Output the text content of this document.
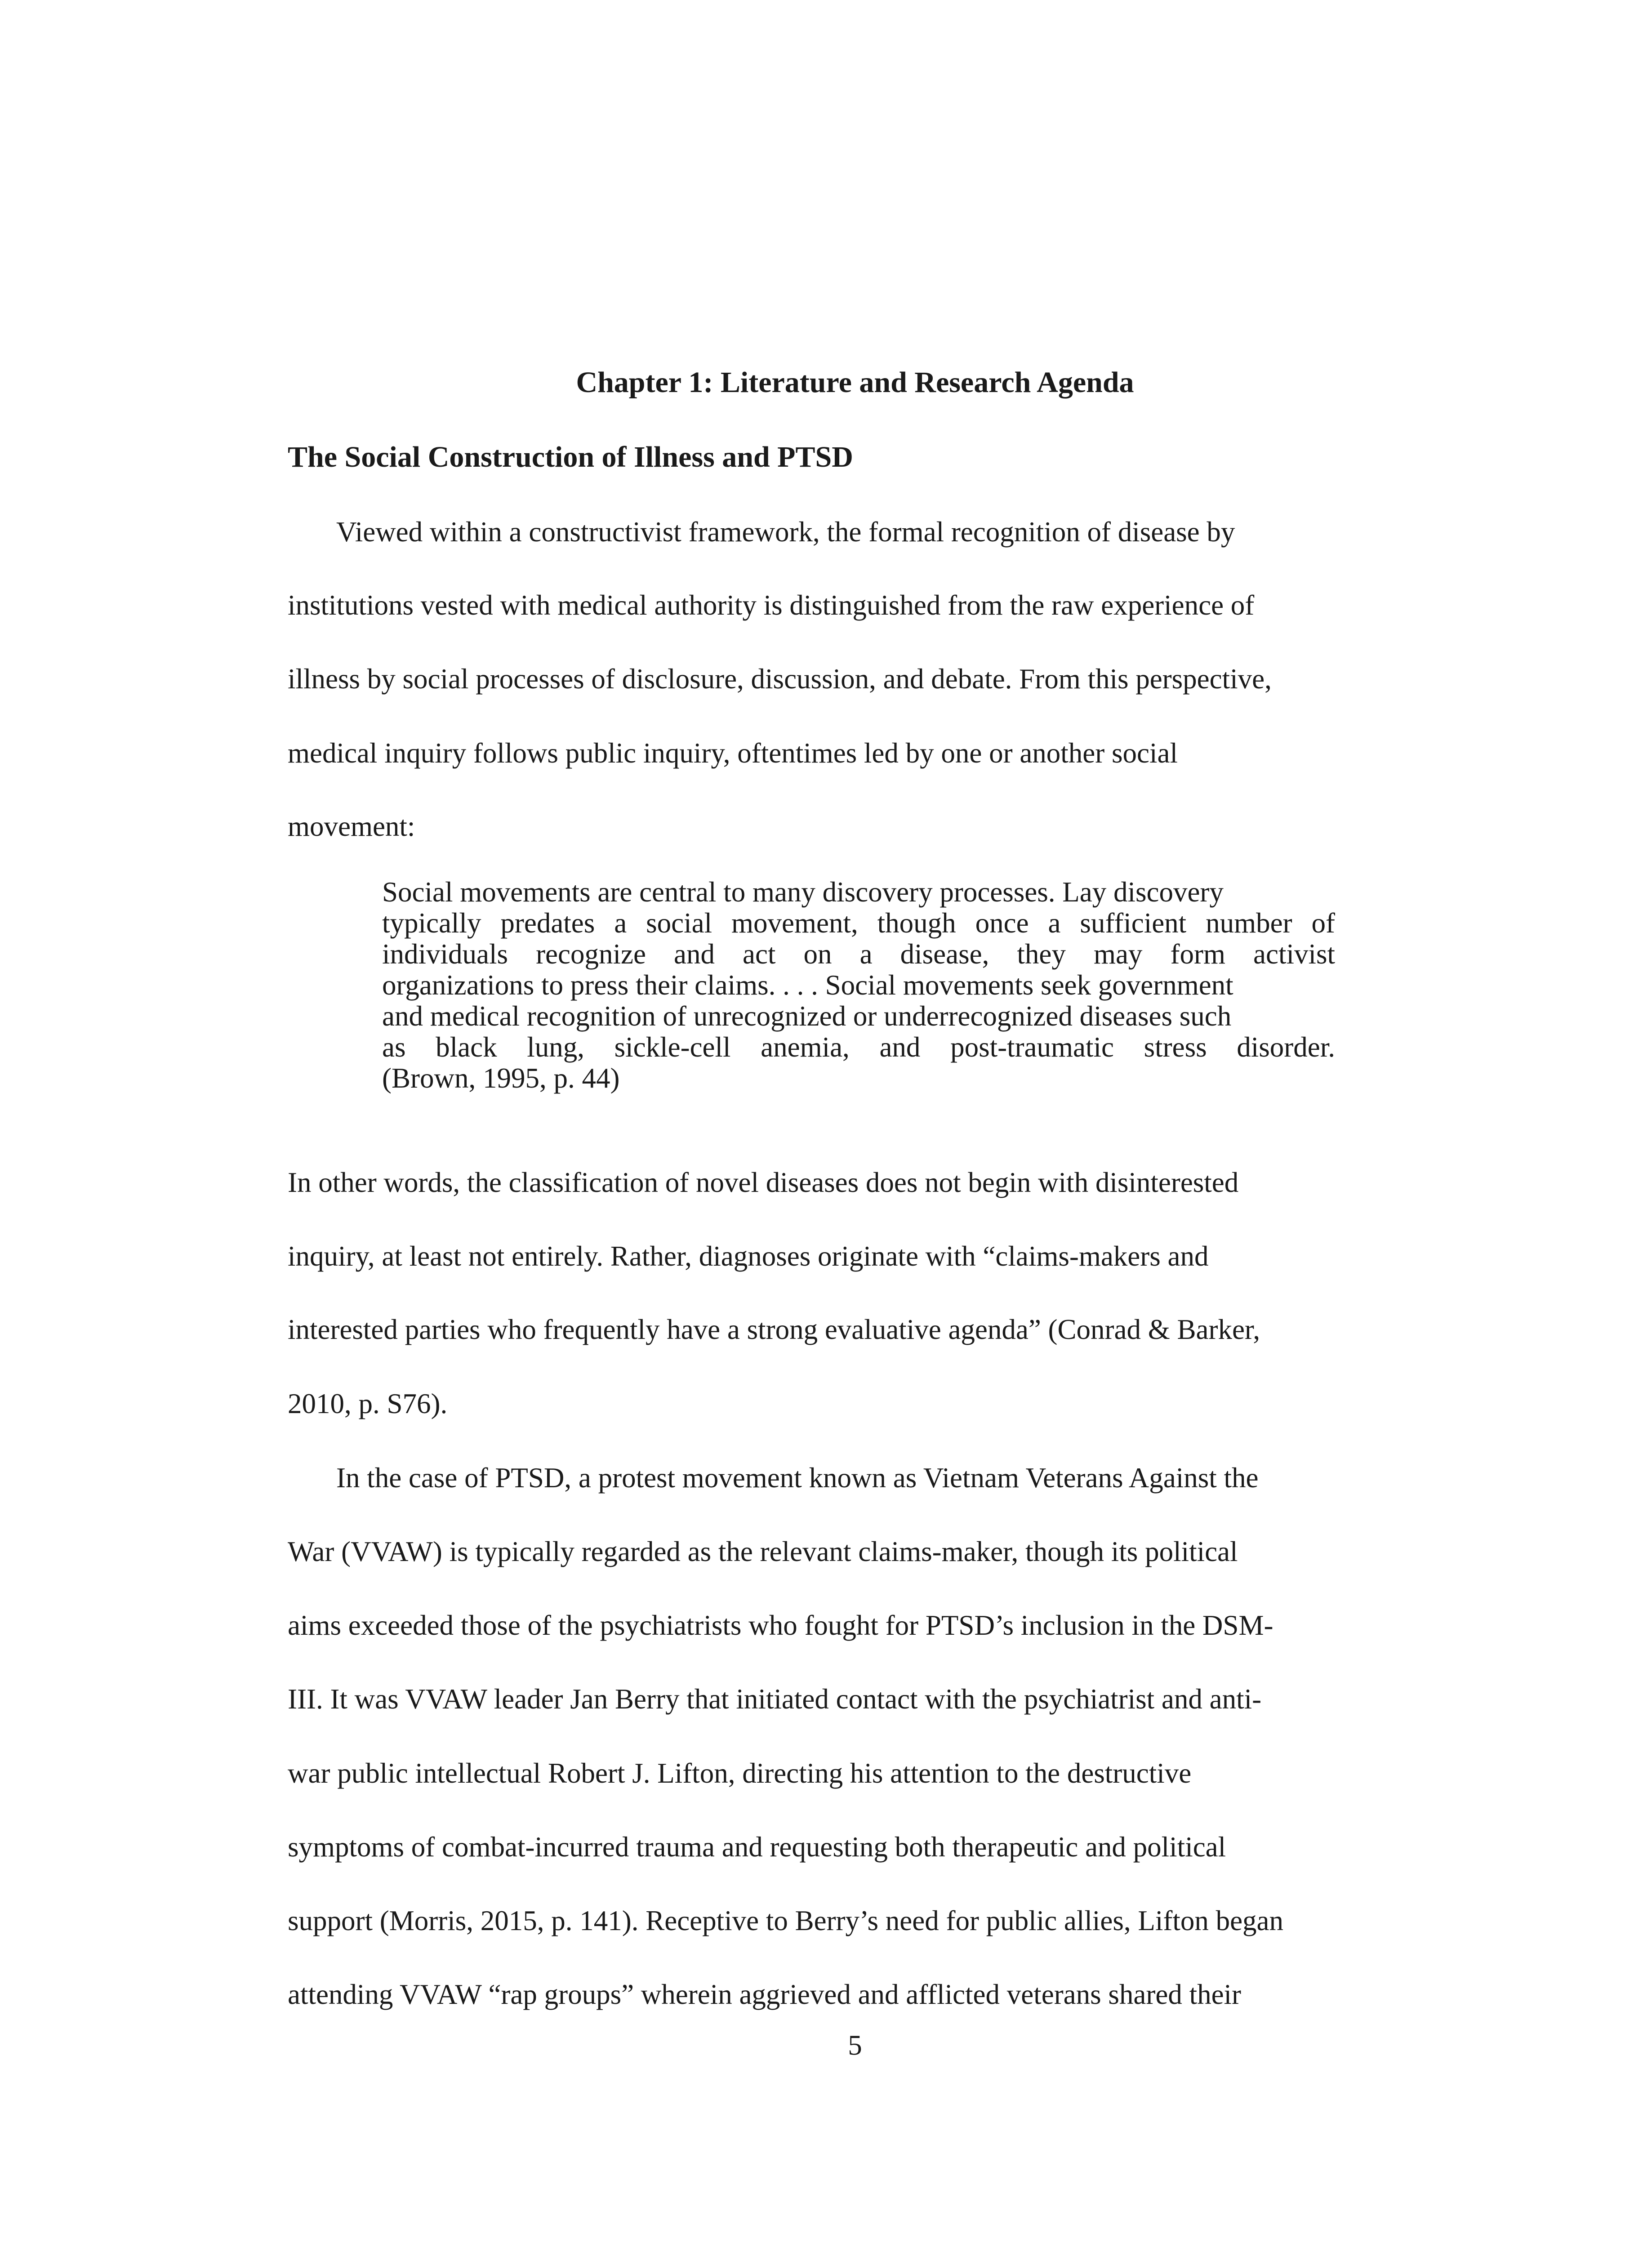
Chapter 1: Literature and Research Agenda
The Social Construction of Illness and PTSD
Viewed within a constructivist framework, the formal recognition of disease by
institutions vested with medical authority is distinguished from the raw experience of
illness by social processes of disclosure, discussion, and debate. From this perspective,
medical inquiry follows public inquiry, oftentimes led by one or another social
movement:
Social movements are central to many discovery processes. Lay discovery
typically predates a social movement, though once a sufficient number of
individuals recognize and act on a disease, they may form activist
organizations to press their claims. . . . Social movements seek government
and medical recognition of unrecognized or underrecognized diseases such
as black lung, sickle-cell anemia, and post-traumatic stress disorder.
(Brown, 1995, p. 44)
In other words, the classification of novel diseases does not begin with disinterested
inquiry, at least not entirely. Rather, diagnoses originate with “claims-makers and
interested parties who frequently have a strong evaluative agenda” (Conrad & Barker,
2010, p. S76).
In the case of PTSD, a protest movement known as Vietnam Veterans Against the
War (VVAW) is typically regarded as the relevant claims-maker, though its political
aims exceeded those of the psychiatrists who fought for PTSD’s inclusion in the DSM-
III. It was VVAW leader Jan Berry that initiated contact with the psychiatrist and anti-
war public intellectual Robert J. Lifton, directing his attention to the destructive
symptoms of combat-incurred trauma and requesting both therapeutic and political
support (Morris, 2015, p. 141). Receptive to Berry’s need for public allies, Lifton began
attending VVAW “rap groups” wherein aggrieved and afflicted veterans shared their
5
